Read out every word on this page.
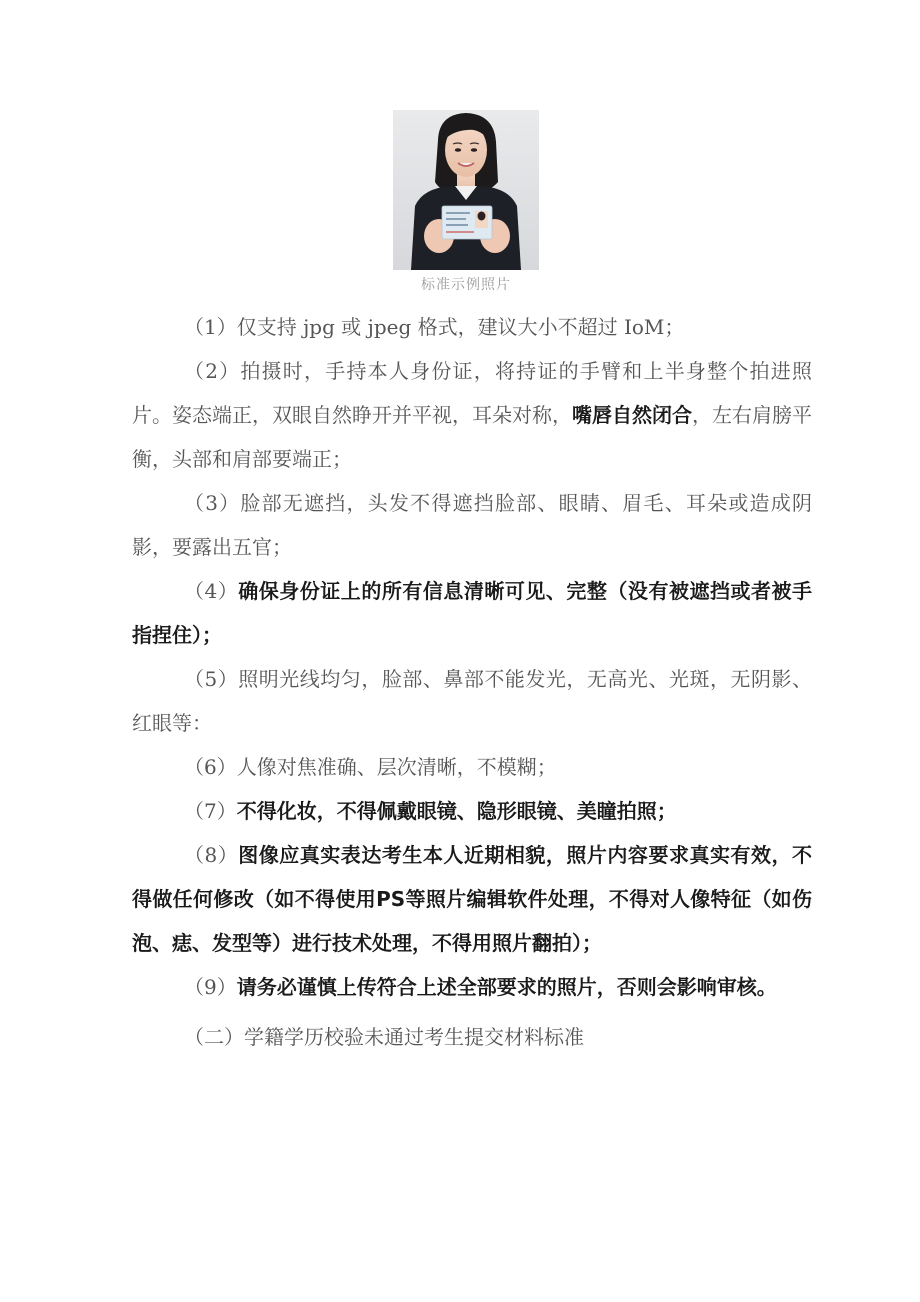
标准示例照片

（1）仅支持 jpg 或 jpeg 格式，建议大小不超过 IoM；

（2）拍摄时，手持本人身份证，将持证的手臂和上半身整个拍进照片。姿态端正，双眼自然睁开并平视，耳朵对称，嘴唇自然闭合，左右肩膀平衡，头部和肩部要端正；

（3）脸部无遮挡，头发不得遮挡脸部、眼睛、眉毛、耳朵或造成阴影，要露出五官；

（4）确保身份证上的所有信息清晰可见、完整（没有被遮挡或者被手指捏住）；

（5）照明光线均匀，脸部、鼻部不能发光，无高光、光斑，无阴影、红眼等：

（6）人像对焦准确、层次清晰，不模糊；

（7）不得化妆，不得佩戴眼镜、隐形眼镜、美瞳拍照；

（8）图像应真实表达考生本人近期相貌，照片内容要求真实有效，不得做任何修改（如不得使用PS等照片编辑软件处理，不得对人像特征（如伤泡、痣、发型等）进行技术处理，不得用照片翻拍）；

（9）请务必谨慎上传符合上述全部要求的照片，否则会影响审核。

（二）学籍学历校验未通过考生提交材料标准
